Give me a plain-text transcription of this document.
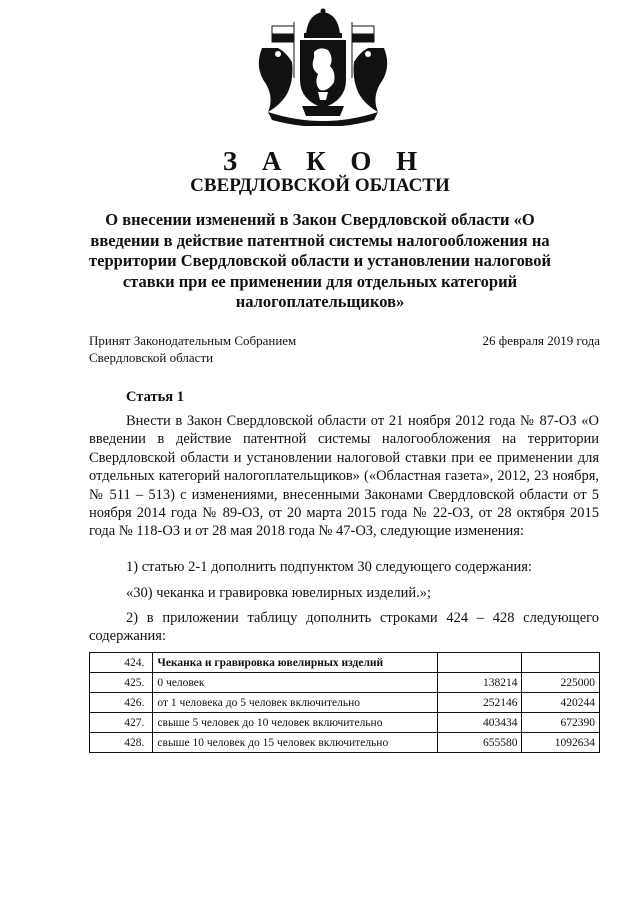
З А К О Н
СВЕРДЛОВСКОЙ ОБЛАСТИ
О внесении изменений в Закон Свердловской области «О введении в действие патентной системы налогообложения на территории Свердловской области и установлении налоговой ставки при ее применении для отдельных категорий налогоплательщиков»
Принят Законодательным Собранием
Свердловской области
26 февраля 2019 года
Статья 1
Внести в Закон Свердловской области от 21 ноября 2012 года № 87-ОЗ «О введении в действие патентной системы налогообложения на территории Свердловской области и установлении налоговой ставки при ее применении для отдельных категорий налогоплательщиков» («Областная газета», 2012, 23 ноября, № 511 – 513) с изменениями, внесенными Законами Свердловской области от 5 ноября 2014 года № 89-ОЗ, от 20 марта 2015 года № 22-ОЗ, от 28 октября 2015 года № 118-ОЗ и от 28 мая 2018 года № 47-ОЗ, следующие изменения:
1) статью 2-1 дополнить подпунктом 30 следующего содержания:
«30) чеканка и гравировка ювелирных изделий.»;
2) в приложении таблицу дополнить строками 424 – 428 следующего содержания:
424.	Чеканка и гравировка ювелирных изделий		
425.	0 человек	138214	225000
426.	от 1 человека до 5 человек включительно	252146	420244
427.	свыше 5 человек до 10 человек включительно	403434	672390
428.	свыше 10 человек до 15 человек включительно	655580	1092634
